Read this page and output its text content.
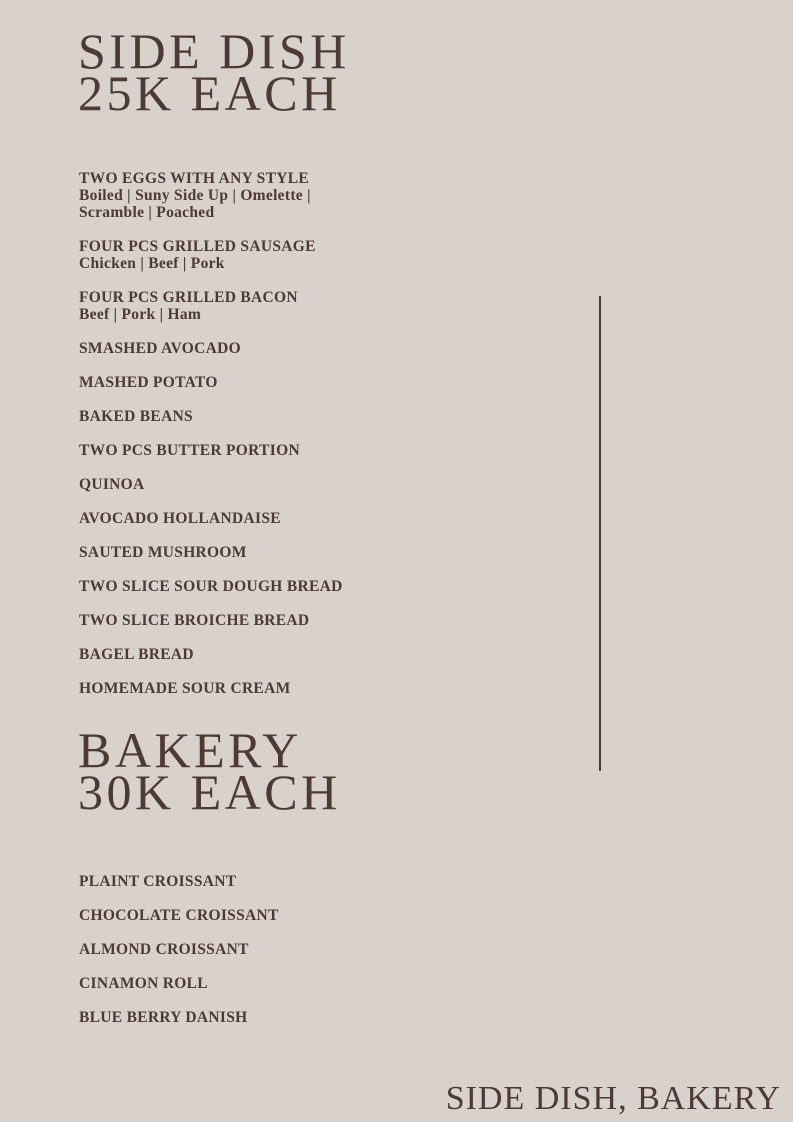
SIDE DISH
25K EACH
TWO EGGS WITH ANY STYLE
Boiled | Suny Side Up | Omelette |
Scramble | Poached
FOUR PCS GRILLED SAUSAGE
Chicken | Beef | Pork
FOUR PCS GRILLED BACON
Beef | Pork | Ham
SMASHED AVOCADO
MASHED POTATO
BAKED BEANS
TWO PCS BUTTER PORTION
QUINOA
AVOCADO HOLLANDAISE
SAUTED MUSHROOM
TWO SLICE SOUR DOUGH BREAD
TWO SLICE BROICHE BREAD
BAGEL BREAD
HOMEMADE SOUR CREAM
BAKERY
30K EACH
PLAINT CROISSANT
CHOCOLATE CROISSANT
ALMOND CROISSANT
CINAMON ROLL
BLUE BERRY DANISH
SIDE DISH, BAKERY
